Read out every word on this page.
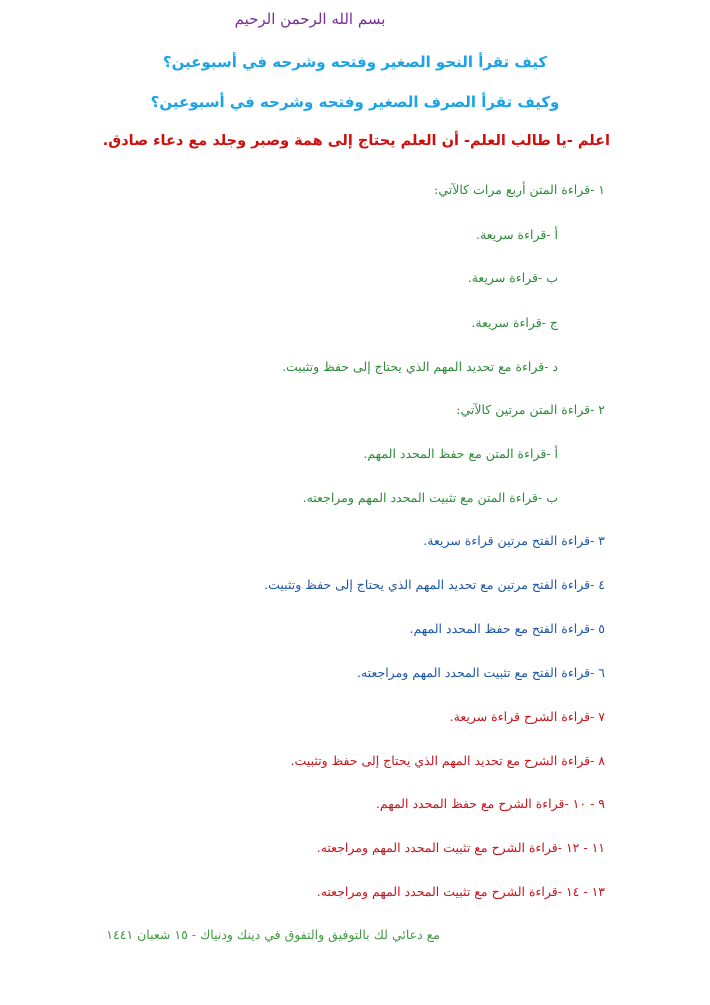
بسم الله الرحمن الرحيم
كيف تقرأ النحو الصغير وفتحه وشرحه في أسبوعين؟
وكيف تقرأ الصرف الصغير وفتحه وشرحه في أسبوعين؟
اعلم -يا طالب العلم- أن العلم يحتاج إلى همة وصبر وجلد مع دعاء صادق.
١ -قراءة المتن أربع مرات كالآتي:
أ -قراءة سريعة.
ب -قراءة سريعة.
ج -قراءة سريعة.
د -قراءة مع تحديد المهم الذي يحتاج إلى حفظ وتثبيت.
٢ -قراءة المتن مرتين كالآتي:
أ -قراءة المتن مع حفظ المحدد المهم.
ب -قراءة المتن مع تثبيت المحدد المهم ومراجعته.
٣ -قراءة الفتح مرتين قراءة سريعة.
٤ -قراءة الفتح مرتين مع تحديد المهم الذي يحتاج إلى حفظ وتثبيت.
٥ -قراءة الفتح مع حفظ المحدد المهم.
٦ -قراءة الفتح مع تثبيت المحدد المهم ومراجعته.
٧ -قراءة الشرح قراءة سريعة.
٨ -قراءة الشرح مع تحديد المهم الذي يحتاج إلى حفظ وتثبيت.
٩ - ١٠ -قراءة الشرح مع حفظ المحدد المهم.
١١ - ١٢ -قراءة الشرح مع تثبيت المحدد المهم ومراجعته.
١٣ - ١٤ -قراءة الشرح مع تثبيت المحدد المهم ومراجعته.
مع دعائي لك بالتوفيق والتفوق في دينك ودنياك - ١٥ شعبان ١٤٤١
